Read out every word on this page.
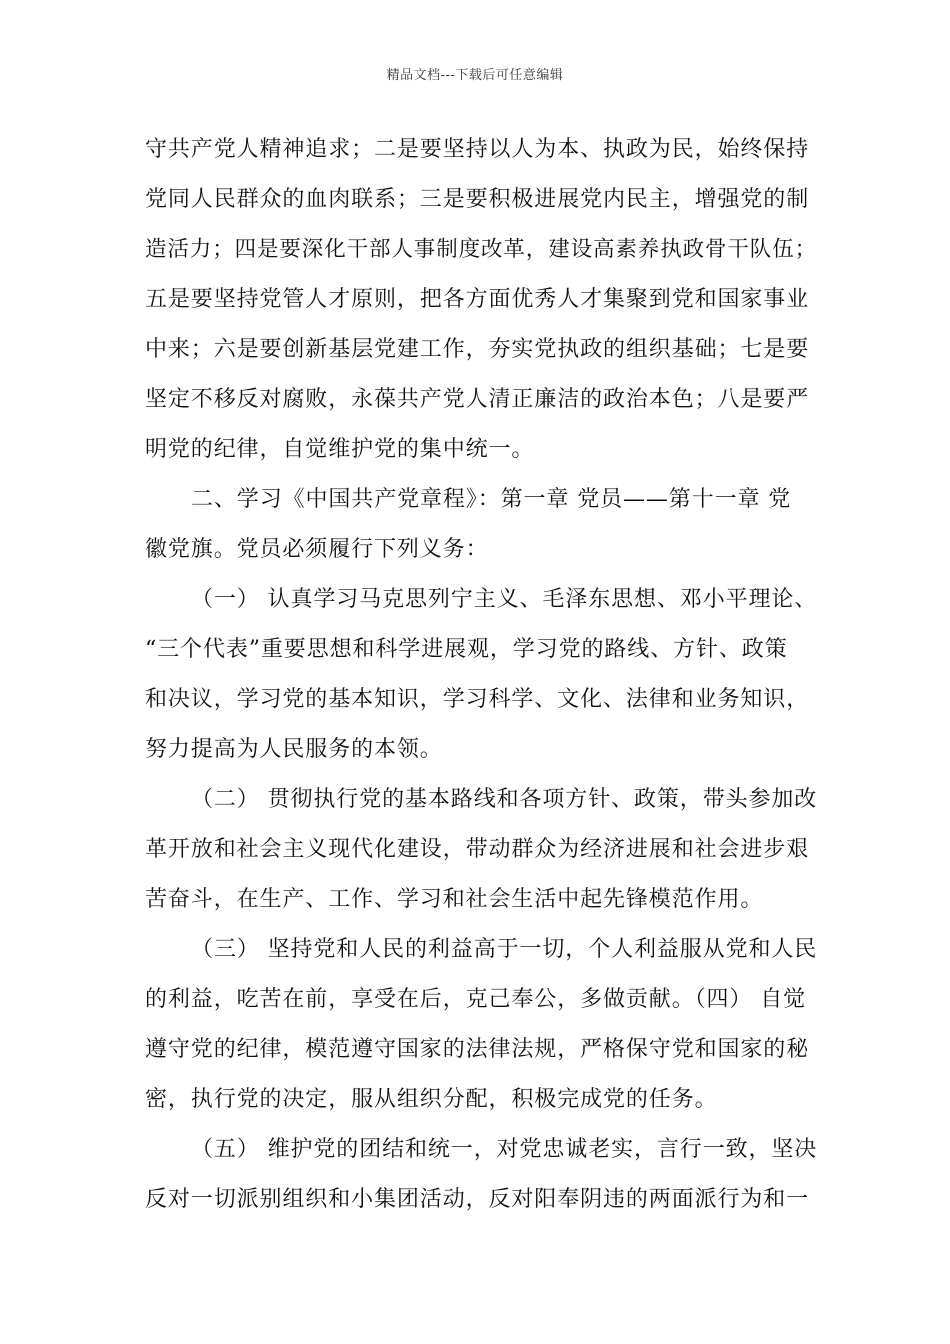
精品文档---下载后可任意编辑
守共产党人精神追求；二是要坚持以人为本、执政为民，始终保持
党同人民群众的血肉联系；三是要积极进展党内民主，增强党的制
造活力；四是要深化干部人事制度改革，建设高素养执政骨干队伍；
五是要坚持党管人才原则，把各方面优秀人才集聚到党和国家事业
中来；六是要创新基层党建工作，夯实党执政的组织基础；七是要
坚定不移反对腐败，永葆共产党人清正廉洁的政治本色；八是要严
明党的纪律，自觉维护党的集中统一。
二、学习《中国共产党章程》：第一章 党员——第十一章 党
徽党旗。党员必须履行下列义务：
（一） 认真学习马克思列宁主义、毛泽东思想、邓小平理论、
“三个代表”重要思想和科学进展观，学习党的路线、方针、政策
和决议，学习党的基本知识，学习科学、文化、法律和业务知识，
努力提高为人民服务的本领。
（二） 贯彻执行党的基本路线和各项方针、政策，带头参加改
革开放和社会主义现代化建设，带动群众为经济进展和社会进步艰
苦奋斗，在生产、工作、学习和社会生活中起先锋模范作用。
（三） 坚持党和人民的利益高于一切，个人利益服从党和人民
的利益，吃苦在前，享受在后，克己奉公，多做贡献。（四） 自觉
遵守党的纪律，模范遵守国家的法律法规，严格保守党和国家的秘
密，执行党的决定，服从组织分配，积极完成党的任务。
（五） 维护党的团结和统一，对党忠诚老实，言行一致，坚决
反对一切派别组织和小集团活动，反对阳奉阴违的两面派行为和一
